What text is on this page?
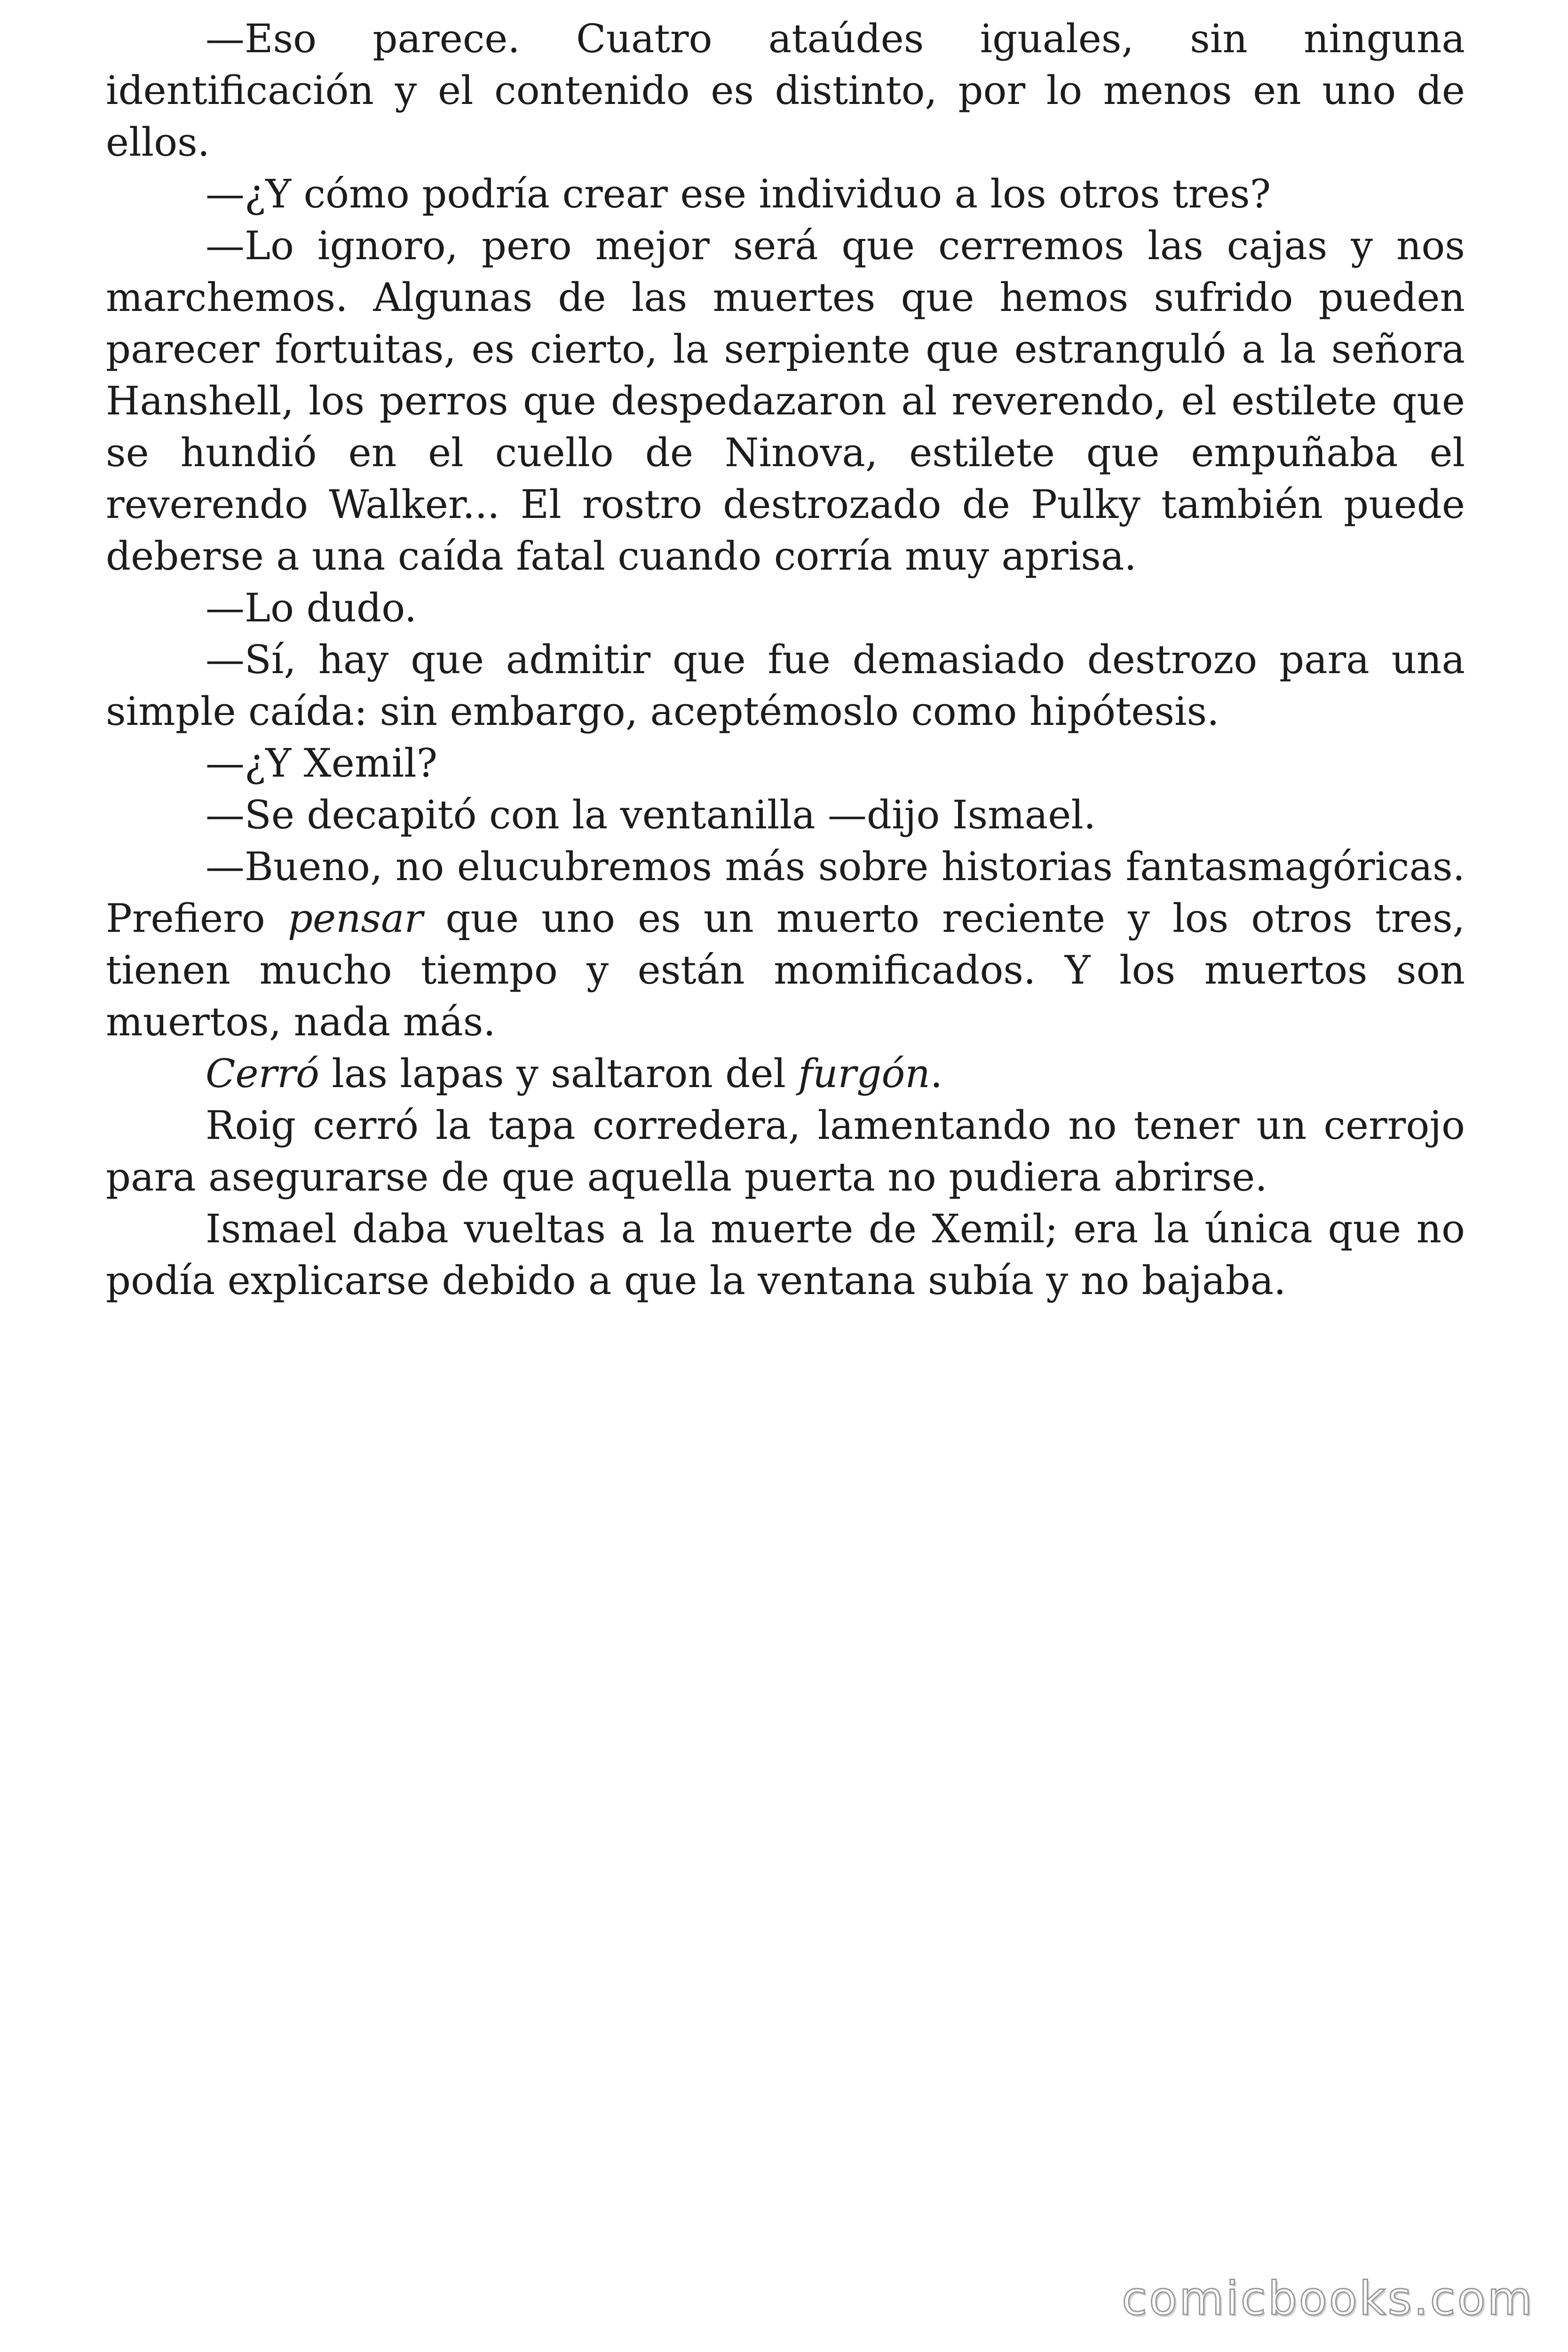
—Eso parece. Cuatro ataúdes iguales, sin ninguna identificación y el contenido es distinto, por lo menos en uno de ellos.

—¿Y cómo podría crear ese individuo a los otros tres?

—Lo ignoro, pero mejor será que cerremos las cajas y nos marchemos. Algunas de las muertes que hemos sufrido pueden parecer fortuitas, es cierto, la serpiente que estranguló a la señora Hanshell, los perros que despedazaron al reverendo, el estilete que se hundió en el cuello de Ninova, estilete que empuñaba el reverendo Walker... El rostro destrozado de Pulky también puede deberse a una caída fatal cuando corría muy aprisa.

—Lo dudo.

—Sí, hay que admitir que fue demasiado destrozo para una simple caída: sin embargo, aceptémoslo como hipótesis.

—¿Y Xemil?

—Se decapitó con la ventanilla —dijo Ismael.

—Bueno, no elucubremos más sobre historias fantasmagóricas. Prefiero pensar que uno es un muerto reciente y los otros tres, tienen mucho tiempo y están momificados. Y los muertos son muertos, nada más.

Cerró las lapas y saltaron del furgón.

Roig cerró la tapa corredera, lamentando no tener un cerrojo para asegurarse de que aquella puerta no pudiera abrirse.

Ismael daba vueltas a la muerte de Xemil; era la única que no podía explicarse debido a que la ventana subía y no bajaba.

comicbooks.com
